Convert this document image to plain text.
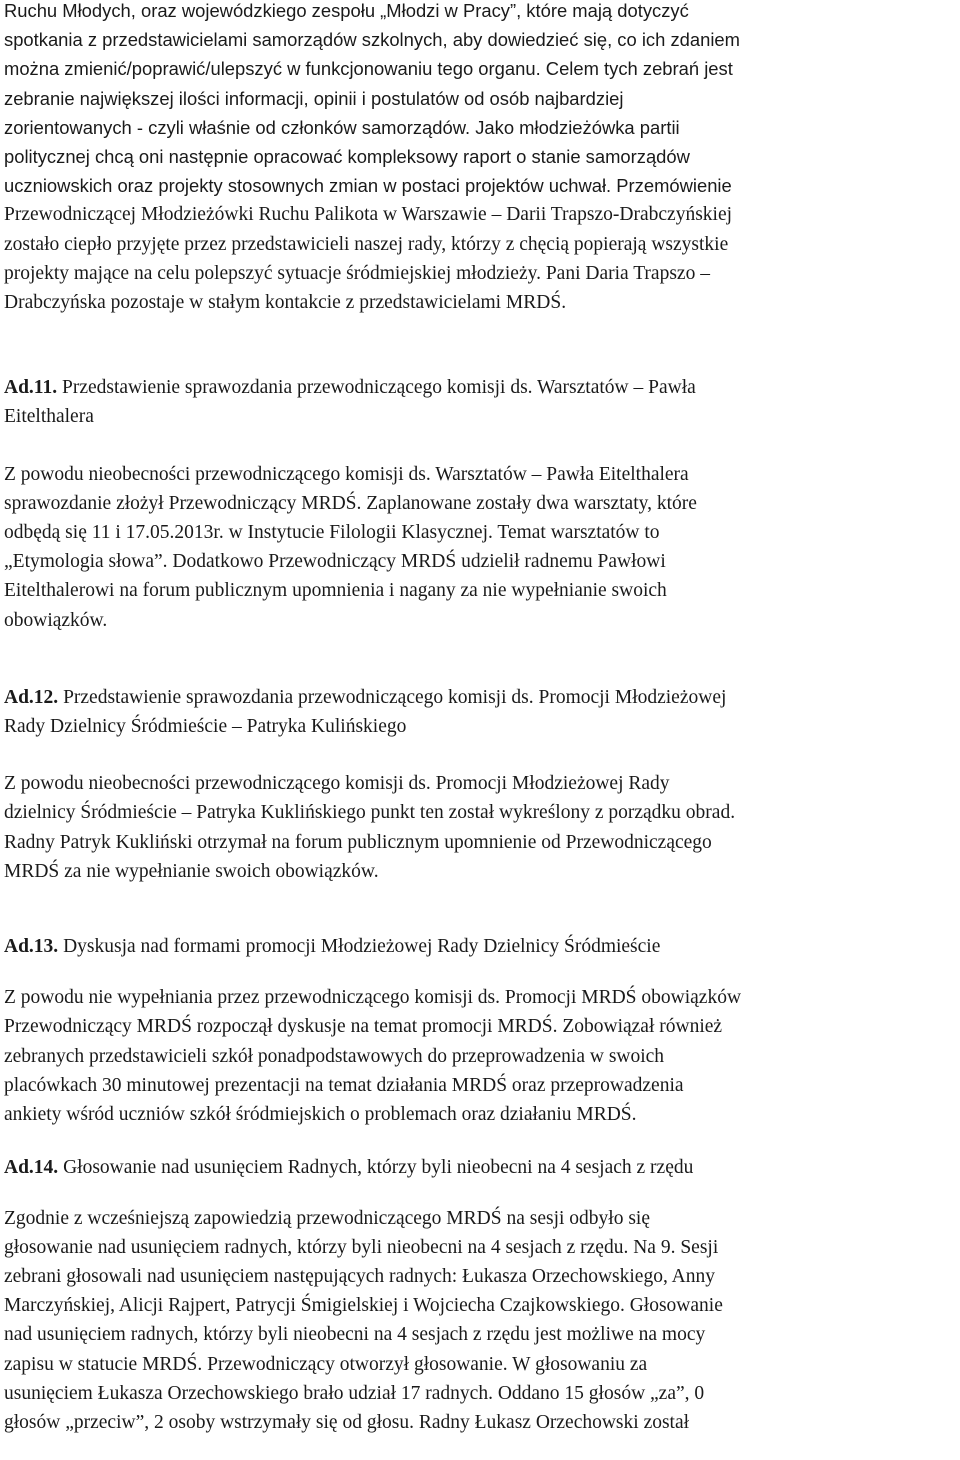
Ruchu Młodych, oraz wojewódzkiego zespołu „Młodzi w Pracy”, które mają dotyczyć
spotkania z przedstawicielami samorządów szkolnych, aby dowiedzieć się, co ich zdaniem
można zmienić/poprawić/ulepszyć w funkcjonowaniu tego organu. Celem tych zebrań jest
zebranie największej ilości informacji, opinii i postulatów od osób najbardziej
zorientowanych - czyli właśnie od członków samorządów. Jako młodzieżówka partii
politycznej chcą oni następnie opracować kompleksowy raport o stanie samorządów
uczniowskich oraz projekty stosownych zmian w postaci projektów uchwał. Przemówienie
Przewodniczącej Młodzieżówki Ruchu Palikota w Warszawie – Darii Trapszo-Drabczyńskiej
zostało ciepło przyjęte przez przedstawicieli naszej rady, którzy z chęcią popierają wszystkie
projekty mające na celu polepszyć sytuacje śródmiejskiej młodzieży. Pani Daria Trapszo –
Drabczyńska pozostaje w stałym kontakcie z przedstawicielami MRDŚ.

Ad.11. Przedstawienie sprawozdania przewodniczącego komisji ds. Warsztatów – Pawła
Eitelthalera

Z powodu nieobecności przewodniczącego komisji ds. Warsztatów – Pawła Eitelthalera
sprawozdanie złożył Przewodniczący MRDŚ. Zaplanowane zostały dwa warsztaty, które
odbędą się 11 i 17.05.2013r. w Instytucie Filologii Klasycznej. Temat warsztatów to
„Etymologia słowa”. Dodatkowo Przewodniczący MRDŚ udzielił radnemu Pawłowi
Eitelthalerowi na forum publicznym upomnienia i nagany za nie wypełnianie swoich
obowiązków.

Ad.12. Przedstawienie sprawozdania przewodniczącego komisji ds. Promocji Młodzieżowej
Rady Dzielnicy Śródmieście – Patryka Kulińskiego

Z powodu nieobecności przewodniczącego komisji ds. Promocji Młodzieżowej Rady
dzielnicy Śródmieście – Patryka Kuklińskiego punkt ten został wykreślony z porządku obrad.
Radny Patryk Kukliński otrzymał na forum publicznym upomnienie od Przewodniczącego
MRDŚ za nie wypełnianie swoich obowiązków.

Ad.13. Dyskusja nad formami promocji Młodzieżowej Rady Dzielnicy Śródmieście

Z powodu nie wypełniania przez przewodniczącego komisji ds. Promocji MRDŚ obowiązków
Przewodniczący MRDŚ rozpoczął dyskusje na temat promocji MRDŚ. Zobowiązał również
zebranych przedstawicieli szkół ponadpodstawowych do przeprowadzenia w swoich
placówkach 30 minutowej prezentacji na temat działania MRDŚ oraz przeprowadzenia
ankiety wśród uczniów szkół śródmiejskich o problemach oraz działaniu MRDŚ.

Ad.14. Głosowanie nad usunięciem Radnych, którzy byli nieobecni na 4 sesjach z rzędu

Zgodnie z wcześniejszą zapowiedzią przewodniczącego MRDŚ na sesji odbyło się
głosowanie nad usunięciem radnych, którzy byli nieobecni na 4 sesjach z rzędu. Na 9. Sesji
zebrani głosowali nad usunięciem następujących radnych: Łukasza Orzechowskiego, Anny
Marczyńskiej, Alicji Rajpert, Patrycji Śmigielskiej i Wojciecha Czajkowskiego. Głosowanie
nad usunięciem radnych, którzy byli nieobecni na 4 sesjach z rzędu jest możliwe na mocy
zapisu w statucie MRDŚ. Przewodniczący otworzył głosowanie. W głosowaniu za
usunięciem Łukasza Orzechowskiego brało udział 17 radnych. Oddano 15 głosów „za”, 0
głosów „przeciw”, 2 osoby wstrzymały się od głosu. Radny Łukasz Orzechowski został
